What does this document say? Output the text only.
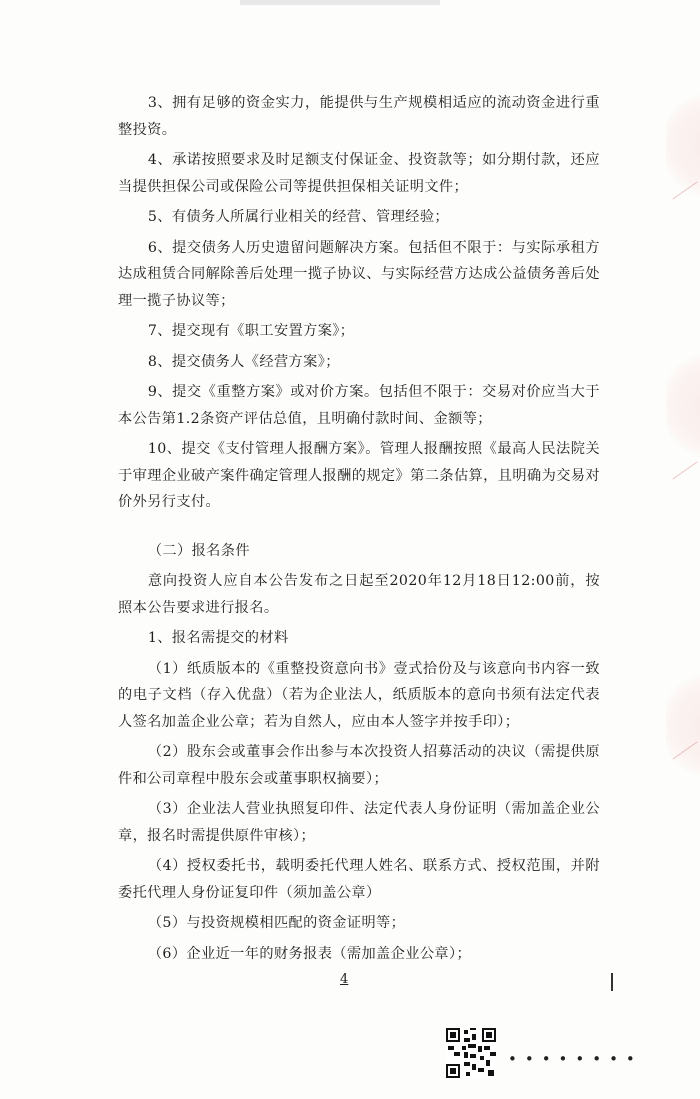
3、拥有足够的资金实力，能提供与生产规模相适应的流动资金进行重整投资。

4、承诺按照要求及时足额支付保证金、投资款等；如分期付款，还应当提供担保公司或保险公司等提供担保相关证明文件；

5、有债务人所属行业相关的经营、管理经验；

6、提交债务人历史遗留问题解决方案。包括但不限于：与实际承租方达成租赁合同解除善后处理一揽子协议、与实际经营方达成公益债务善后处理一揽子协议等；

7、提交现有《职工安置方案》；

8、提交债务人《经营方案》；

9、提交《重整方案》或对价方案。包括但不限于：交易对价应当大于本公告第1.2条资产评估总值，且明确付款时间、金额等；

10、提交《支付管理人报酬方案》。管理人报酬按照《最高人民法院关于审理企业破产案件确定管理人报酬的规定》第二条估算，且明确为交易对价外另行支付。

（二）报名条件

意向投资人应自本公告发布之日起至2020年12月18日12:00前，按照本公告要求进行报名。

1、报名需提交的材料

（1）纸质版本的《重整投资意向书》壹式拾份及与该意向书内容一致的电子文档（存入优盘）（若为企业法人，纸质版本的意向书须有法定代表人签名加盖企业公章；若为自然人，应由本人签字并按手印）；

（2）股东会或董事会作出参与本次投资人招募活动的决议（需提供原件和公司章程中股东会或董事职权摘要）；

（3）企业法人营业执照复印件、法定代表人身份证明（需加盖企业公章，报名时需提供原件审核）；

（4）授权委托书，载明委托代理人姓名、联系方式、授权范围，并附委托代理人身份证复印件（须加盖公章）

（5）与投资规模相匹配的资金证明等；

（6）企业近一年的财务报表（需加盖企业公章）；

4
••••••••
